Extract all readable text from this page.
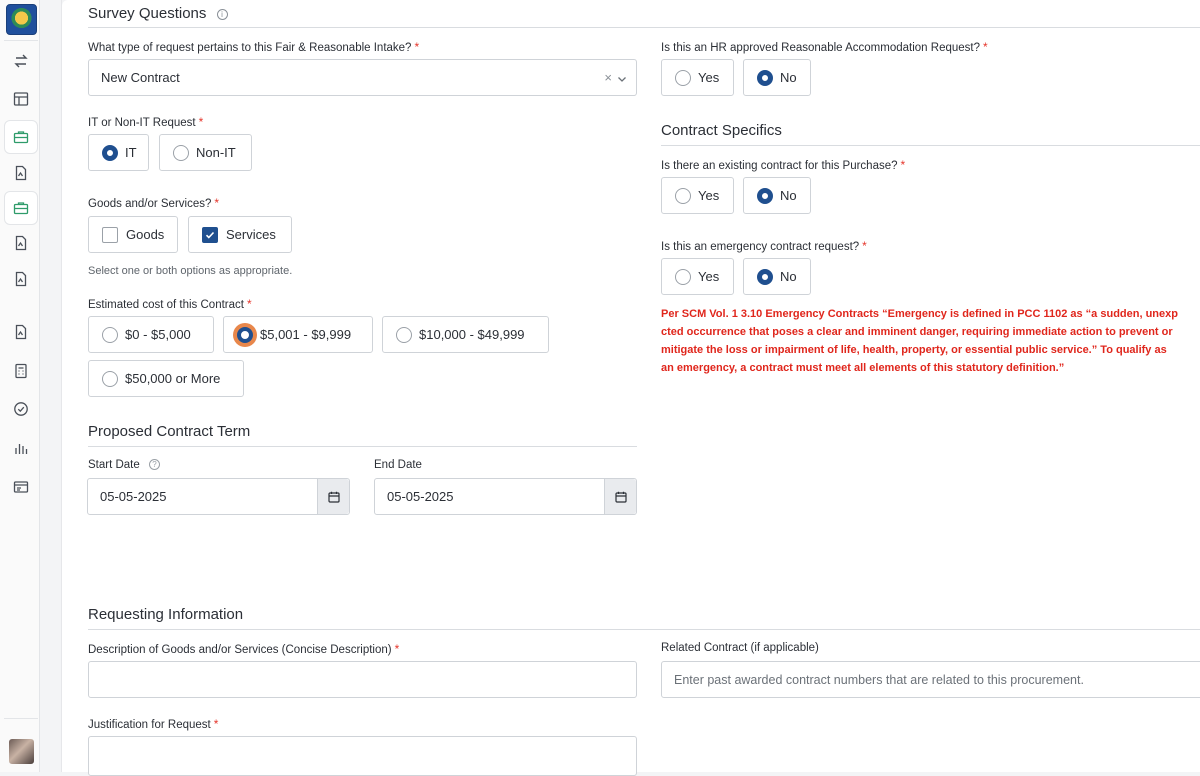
Survey Questions i
What type of request pertains to this Fair & Reasonable Intake? *
New Contract	×
IT or Non-IT Request *
IT	Non-IT
Goods and/or Services? *
Goods	Services
Select one or both options as appropriate.
Estimated cost of this Contract *
$0 - $5,000	$5,001 - $9,999	$10,000 - $49,999
$50,000 or More
Proposed Contract Term
Start Date ?
05-05-2025
End Date
05-05-2025
Is this an HR approved Reasonable Accommodation Request? *
Yes	No
Contract Specifics
Is there an existing contract for this Purchase? *
Yes	No
Is this an emergency contract request? *
Yes	No
Per SCM Vol. 1 3.10 Emergency Contracts “Emergency is defined in PCC 1102 as “a sudden, unexp
cted occurrence that poses a clear and imminent danger, requiring immediate action to prevent or
mitigate the loss or impairment of life, health, property, or essential public service.” To qualify as
an emergency, a contract must meet all elements of this statutory definition.”
Requesting Information
Description of Goods and/or Services (Concise Description) *	Related Contract (if applicable)
Enter past awarded contract numbers that are related to this procurement.
Justification for Request *
